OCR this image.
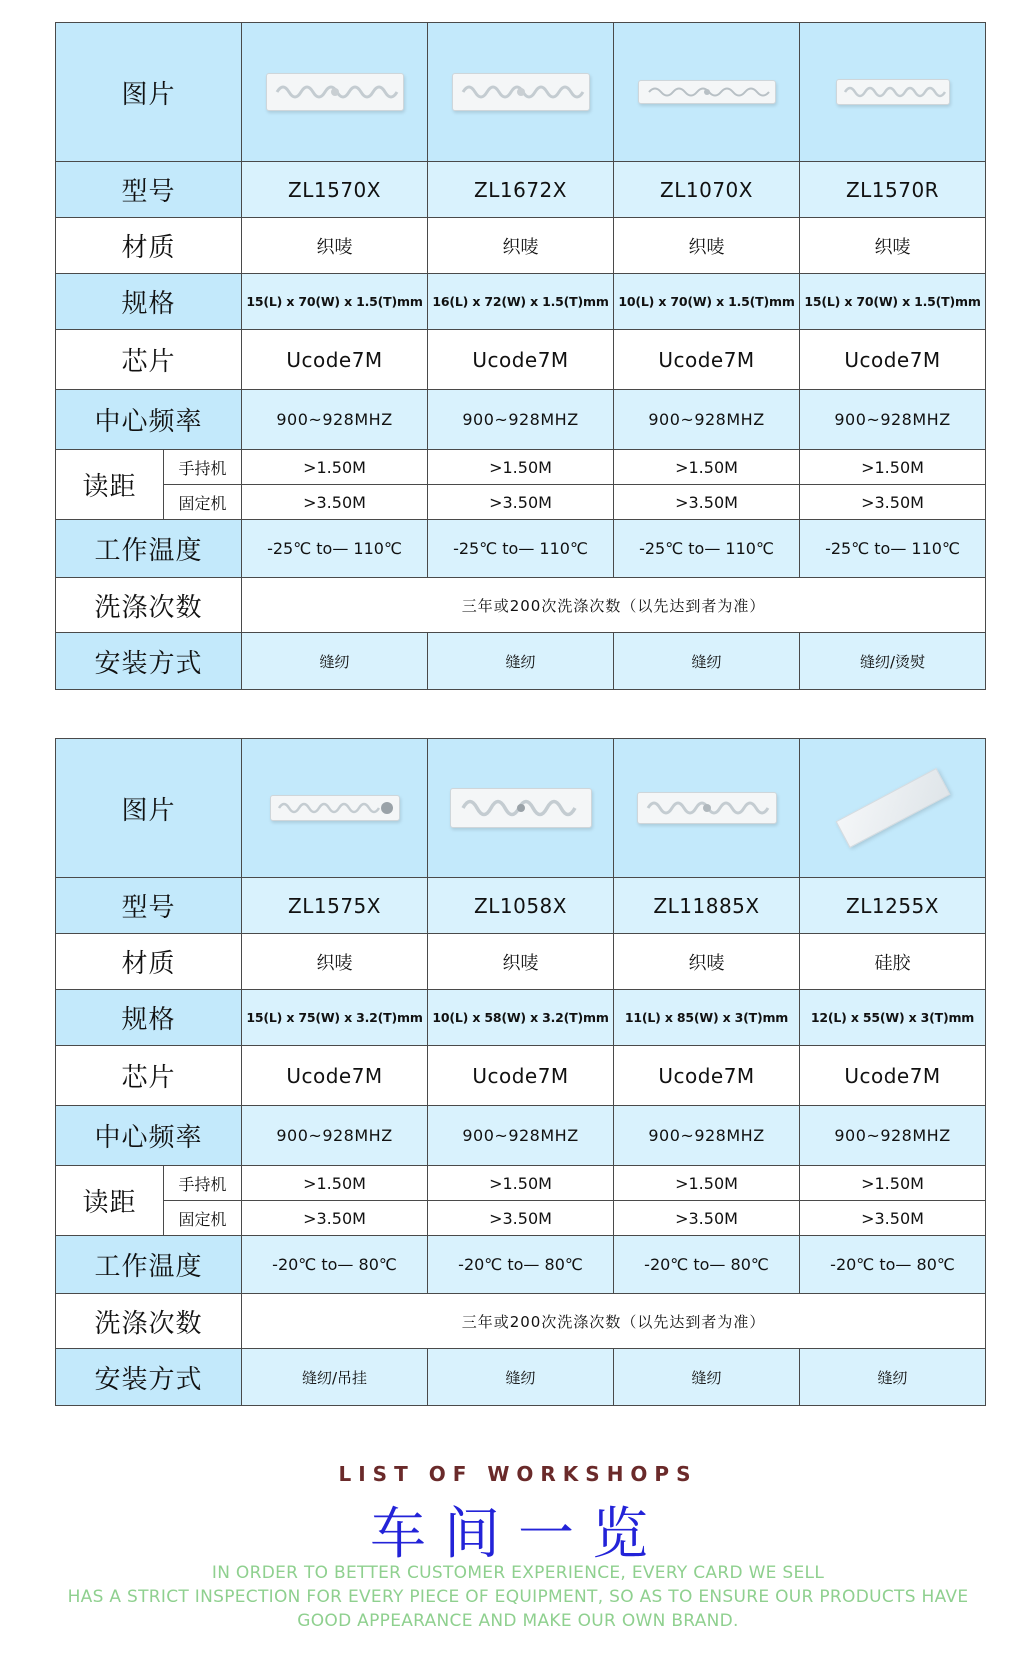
图片	

型号		ZL1570X	ZL1672X	ZL1070X	ZL1570R
材质		织唛	织唛	织唛	织唛
规格		15(L) x 70(W) x 1.5(T)mm	16(L) x 72(W) x 1.5(T)mm	10(L) x 70(W) x 1.5(T)mm	15(L) x 70(W) x 1.5(T)mm
芯片		Ucode7M	Ucode7M	Ucode7M	Ucode7M
中心频率		900~928MHZ	900~928MHZ	900~928MHZ	900~928MHZ
读距	手持机	>1.50M	>1.50M	>1.50M	>1.50M
	固定机	>3.50M	>3.50M	>3.50M	>3.50M
工作温度		-25℃ to— 110℃	-25℃ to— 110℃	-25℃ to— 110℃	-25℃ to— 110℃
洗涤次数		三年或200次洗涤次数（以先达到者为准）			
安装方式		缝纫	缝纫	缝纫	缝纫/烫熨
图片	

型号		ZL1575X	ZL1058X	ZL11885X	ZL1255X
材质		织唛	织唛	织唛	硅胶
规格		15(L) x 75(W) x 3.2(T)mm	10(L) x 58(W) x 3.2(T)mm	11(L) x 85(W) x 3(T)mm	12(L) x 55(W) x 3(T)mm
芯片		Ucode7M	Ucode7M	Ucode7M	Ucode7M
中心频率		900~928MHZ	900~928MHZ	900~928MHZ	900~928MHZ
读距	手持机	>1.50M	>1.50M	>1.50M	>1.50M
	固定机	>3.50M	>3.50M	>3.50M	>3.50M
工作温度		-20℃ to— 80℃	-20℃ to— 80℃	-20℃ to— 80℃	-20℃ to— 80℃
洗涤次数		三年或200次洗涤次数（以先达到者为准）			
安装方式		缝纫/吊挂	缝纫	缝纫	缝纫
LIST OF WORKSHOPS
车间一览
IN ORDER TO BETTER CUSTOMER EXPERIENCE, EVERY CARD WE SELL
HAS A STRICT INSPECTION FOR EVERY PIECE OF EQUIPMENT, SO AS TO ENSURE OUR PRODUCTS HAVE
GOOD APPEARANCE AND MAKE OUR OWN BRAND.
